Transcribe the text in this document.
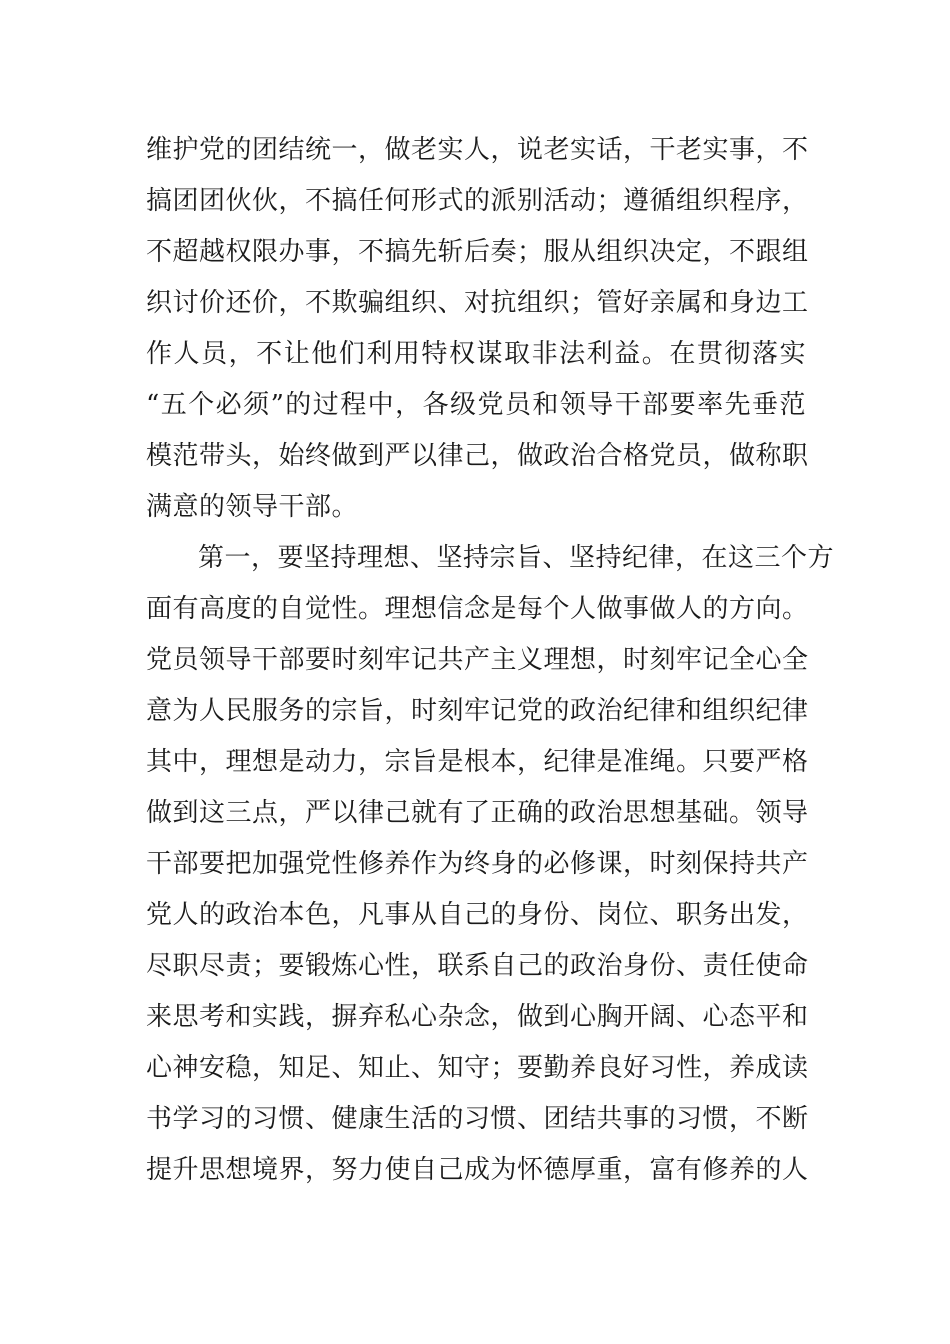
维护党的团结统一，做老实人，说老实话，干老实事，不
搞团团伙伙，不搞任何形式的派别活动；遵循组织程序，
不超越权限办事，不搞先斩后奏；服从组织决定，不跟组
织讨价还价，不欺骗组织、对抗组织；管好亲属和身边工
作人员，不让他们利用特权谋取非法利益。在贯彻落实
“五个必须”的过程中，各级党员和领导干部要率先垂范
模范带头，始终做到严以律己，做政治合格党员，做称职
满意的领导干部。
第一，要坚持理想、坚持宗旨、坚持纪律，在这三个方
面有高度的自觉性。理想信念是每个人做事做人的方向。
党员领导干部要时刻牢记共产主义理想，时刻牢记全心全
意为人民服务的宗旨，时刻牢记党的政治纪律和组织纪律
其中，理想是动力，宗旨是根本，纪律是准绳。只要严格
做到这三点，严以律己就有了正确的政治思想基础。领导
干部要把加强党性修养作为终身的必修课，时刻保持共产
党人的政治本色，凡事从自己的身份、岗位、职务出发，
尽职尽责；要锻炼心性，联系自己的政治身份、责任使命
来思考和实践，摒弃私心杂念，做到心胸开阔、心态平和
心神安稳，知足、知止、知守；要勤养良好习性，养成读
书学习的习惯、健康生活的习惯、团结共事的习惯，不断
提升思想境界，努力使自己成为怀德厚重，富有修养的人
